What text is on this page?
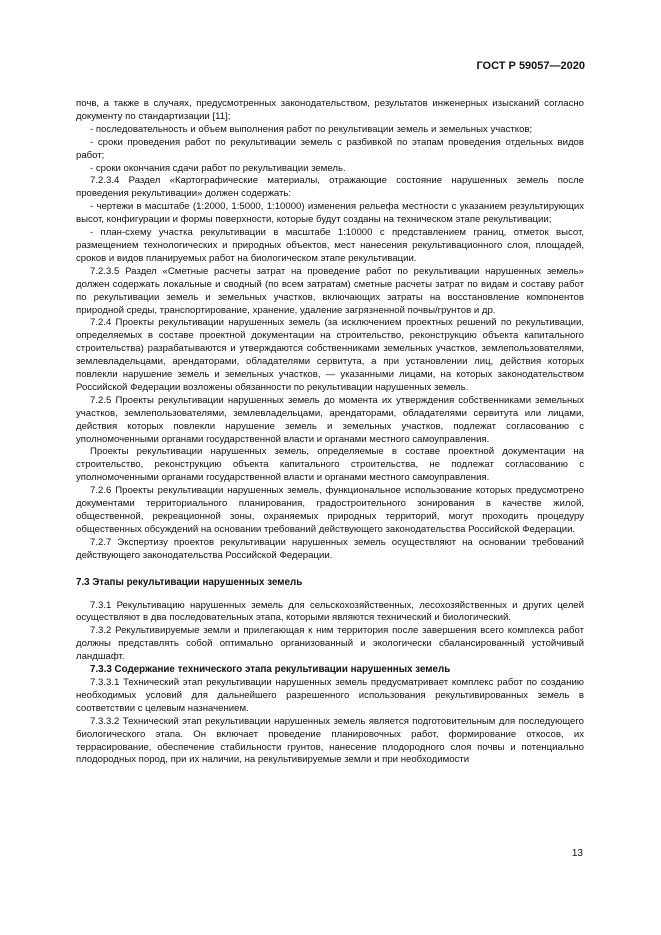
ГОСТ Р 59057—2020

почв, а также в случаях, предусмотренных законодательством, результатов инженерных изысканий согласно документу по стандартизации [11];

- последовательность и объем выполнения работ по рекультивации земель и земельных участков;

- сроки проведения работ по рекультивации земель с разбивкой по этапам проведения отдельных видов работ;

- сроки окончания сдачи работ по рекультивации земель.

7.2.3.4 Раздел «Картографические материалы, отражающие состояние нарушенных земель после проведения рекультивации» должен содержать:

- чертежи в масштабе (1:2000, 1:5000, 1:10000) изменения рельефа местности с указанием результирующих высот, конфигурации и формы поверхности, которые будут созданы на техническом этапе рекультивации;

- план-схему участка рекультивации в масштабе 1:10000 с представлением границ, отметок высот, размещением технологических и природных объектов, мест нанесения рекультивационного слоя, площадей, сроков и видов планируемых работ на биологическом этапе рекультивации.

7.2.3.5 Раздел «Сметные расчеты затрат на проведение работ по рекультивации нарушенных земель» должен содержать локальные и сводный (по всем затратам) сметные расчеты затрат по видам и составу работ по рекультивации земель и земельных участков, включающих затраты на восстановление компонентов природной среды, транспортирование, хранение, удаление загрязненной почвы/грунтов и др.

7.2.4 Проекты рекультивации нарушенных земель (за исключением проектных решений по рекультивации, определяемых в составе проектной документации на строительство, реконструкцию объекта капитального строительства) разрабатываются и утверждаются собственниками земельных участков, землепользователями, землевладельцами, арендаторами, обладателями сервитута, а при установлении лиц, действия которых повлекли нарушение земель и земельных участков, — указанными лицами, на которых законодательством Российской Федерации возложены обязанности по рекультивации нарушенных земель.

7.2.5 Проекты рекультивации нарушенных земель до момента их утверждения собственниками земельных участков, землепользователями, землевладельцами, арендаторами, обладателями сервитута или лицами, действия которых повлекли нарушение земель и земельных участков, подлежат согласованию с уполномоченными органами государственной власти и органами местного самоуправления.

Проекты рекультивации нарушенных земель, определяемые в составе проектной документации на строительство, реконструкцию объекта капитального строительства, не подлежат согласованию с уполномоченными органами государственной власти и органами местного самоуправления.

7.2.6 Проекты рекультивации нарушенных земель, функциональное использование которых предусмотрено документами территориального планирования, градостроительного зонирования в качестве жилой, общественной, рекреационной зоны, охраняемых природных территорий, могут проходить процедуру общественных обсуждений на основании требований действующего законодательства Российской Федерации.

7.2.7 Экспертизу проектов рекультивации нарушенных земель осуществляют на основании требований действующего законодательства Российской Федерации.

7.3 Этапы рекультивации нарушенных земель

7.3.1 Рекультивацию нарушенных земель для сельскохозяйственных, лесохозяйственных и других целей осуществляют в два последовательных этапа, которыми являются технический и биологический.

7.3.2 Рекультивируемые земли и прилегающая к ним территория после завершения всего комплекса работ должны представлять собой оптимально организованный и экологически сбалансированный устойчивый ландшафт.

7.3.3 Содержание технического этапа рекультивации нарушенных земель

7.3.3.1 Технический этап рекультивации нарушенных земель предусматривает комплекс работ по созданию необходимых условий для дальнейшего разрешенного использования рекультивированных земель в соответствии с целевым назначением.

7.3.3.2 Технический этап рекультивации нарушенных земель является подготовительным для последующего биологического этапа. Он включает проведение планировочных работ, формирование откосов, их террасирование, обеспечение стабильности грунтов, нанесение плодородного слоя почвы и потенциально плодородных пород, при их наличии, на рекультивируемые земли и при необходимости

13
